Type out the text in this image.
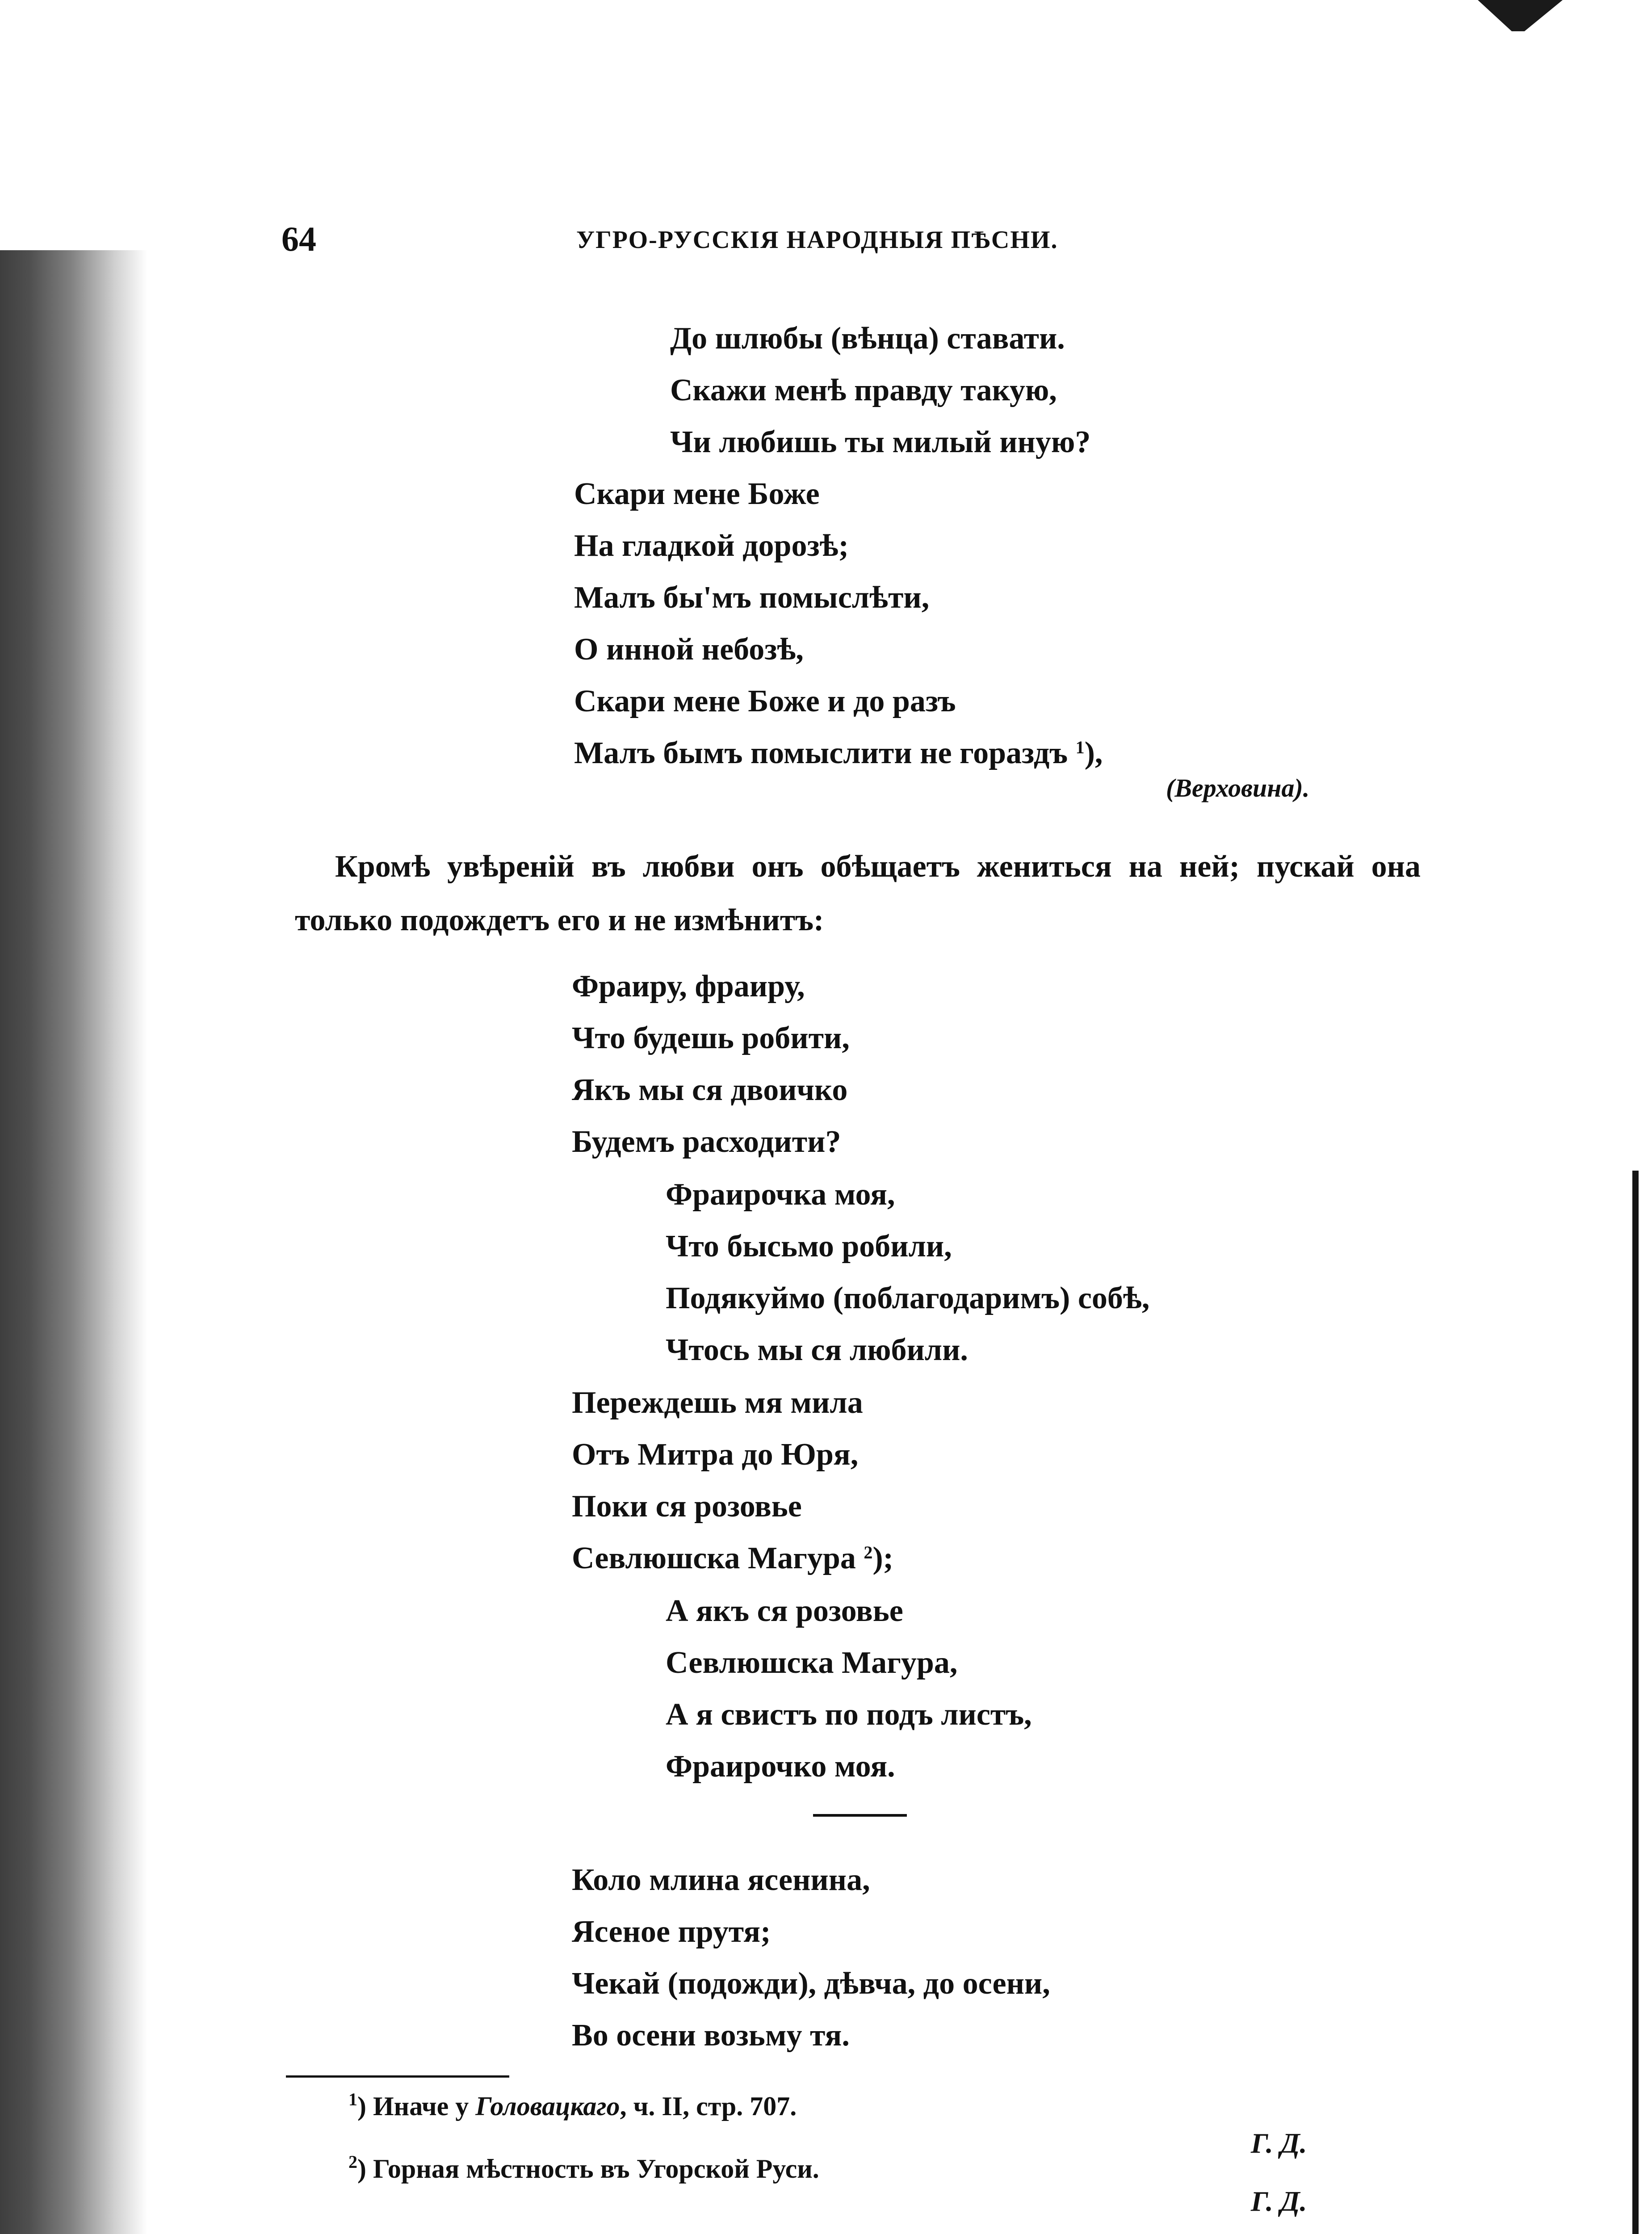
64	УГРО-РУССКІЯ НАРОДНЫЯ ПѢСНИ.
До шлюбы (вѣнца) ставати.
Скажи менѣ правду такую,
Чи любишь ты милый иную?
Скари мене Боже
На гладкой дорозѣ;
Малъ бы'мъ помыслѣти,
О инной небозѣ,
Скари мене Боже и до разъ
Малъ бымъ помыслити не гораздъ $^1$),
(Верховина).

Кромѣ увѣреній въ любви онъ обѣщаетъ жениться на ней; пускай она только подождетъ его и не измѣнитъ:

Фраиру, фраиру,
Что будешь робити,
Якъ мы ся двоичко
Будемъ расходити?
Фраирочка моя,
Что бысьмо робили,
Подякуймо (поблагодаримъ) собѣ,
Чтось мы ся любили.
Переждешь мя мила
Отъ Митра до Юря,
Поки ся розовье
Севлюшска Магура $^2$);
А якъ ся розовье
Севлюшска Магура,
А я свистъ по подъ листъ,
Фраирочко моя.
Коло млина ясенина,
Ясеное прутя;
Чекай (подожди), дѣвча, до осени,
Во осени возьму тя.
$^1$) Иначе у Головацкаго, ч. II, стр. 707.
$^2$) Горная мѣстность въ Угорской Руси.
Г. Д.
Г. Д.
